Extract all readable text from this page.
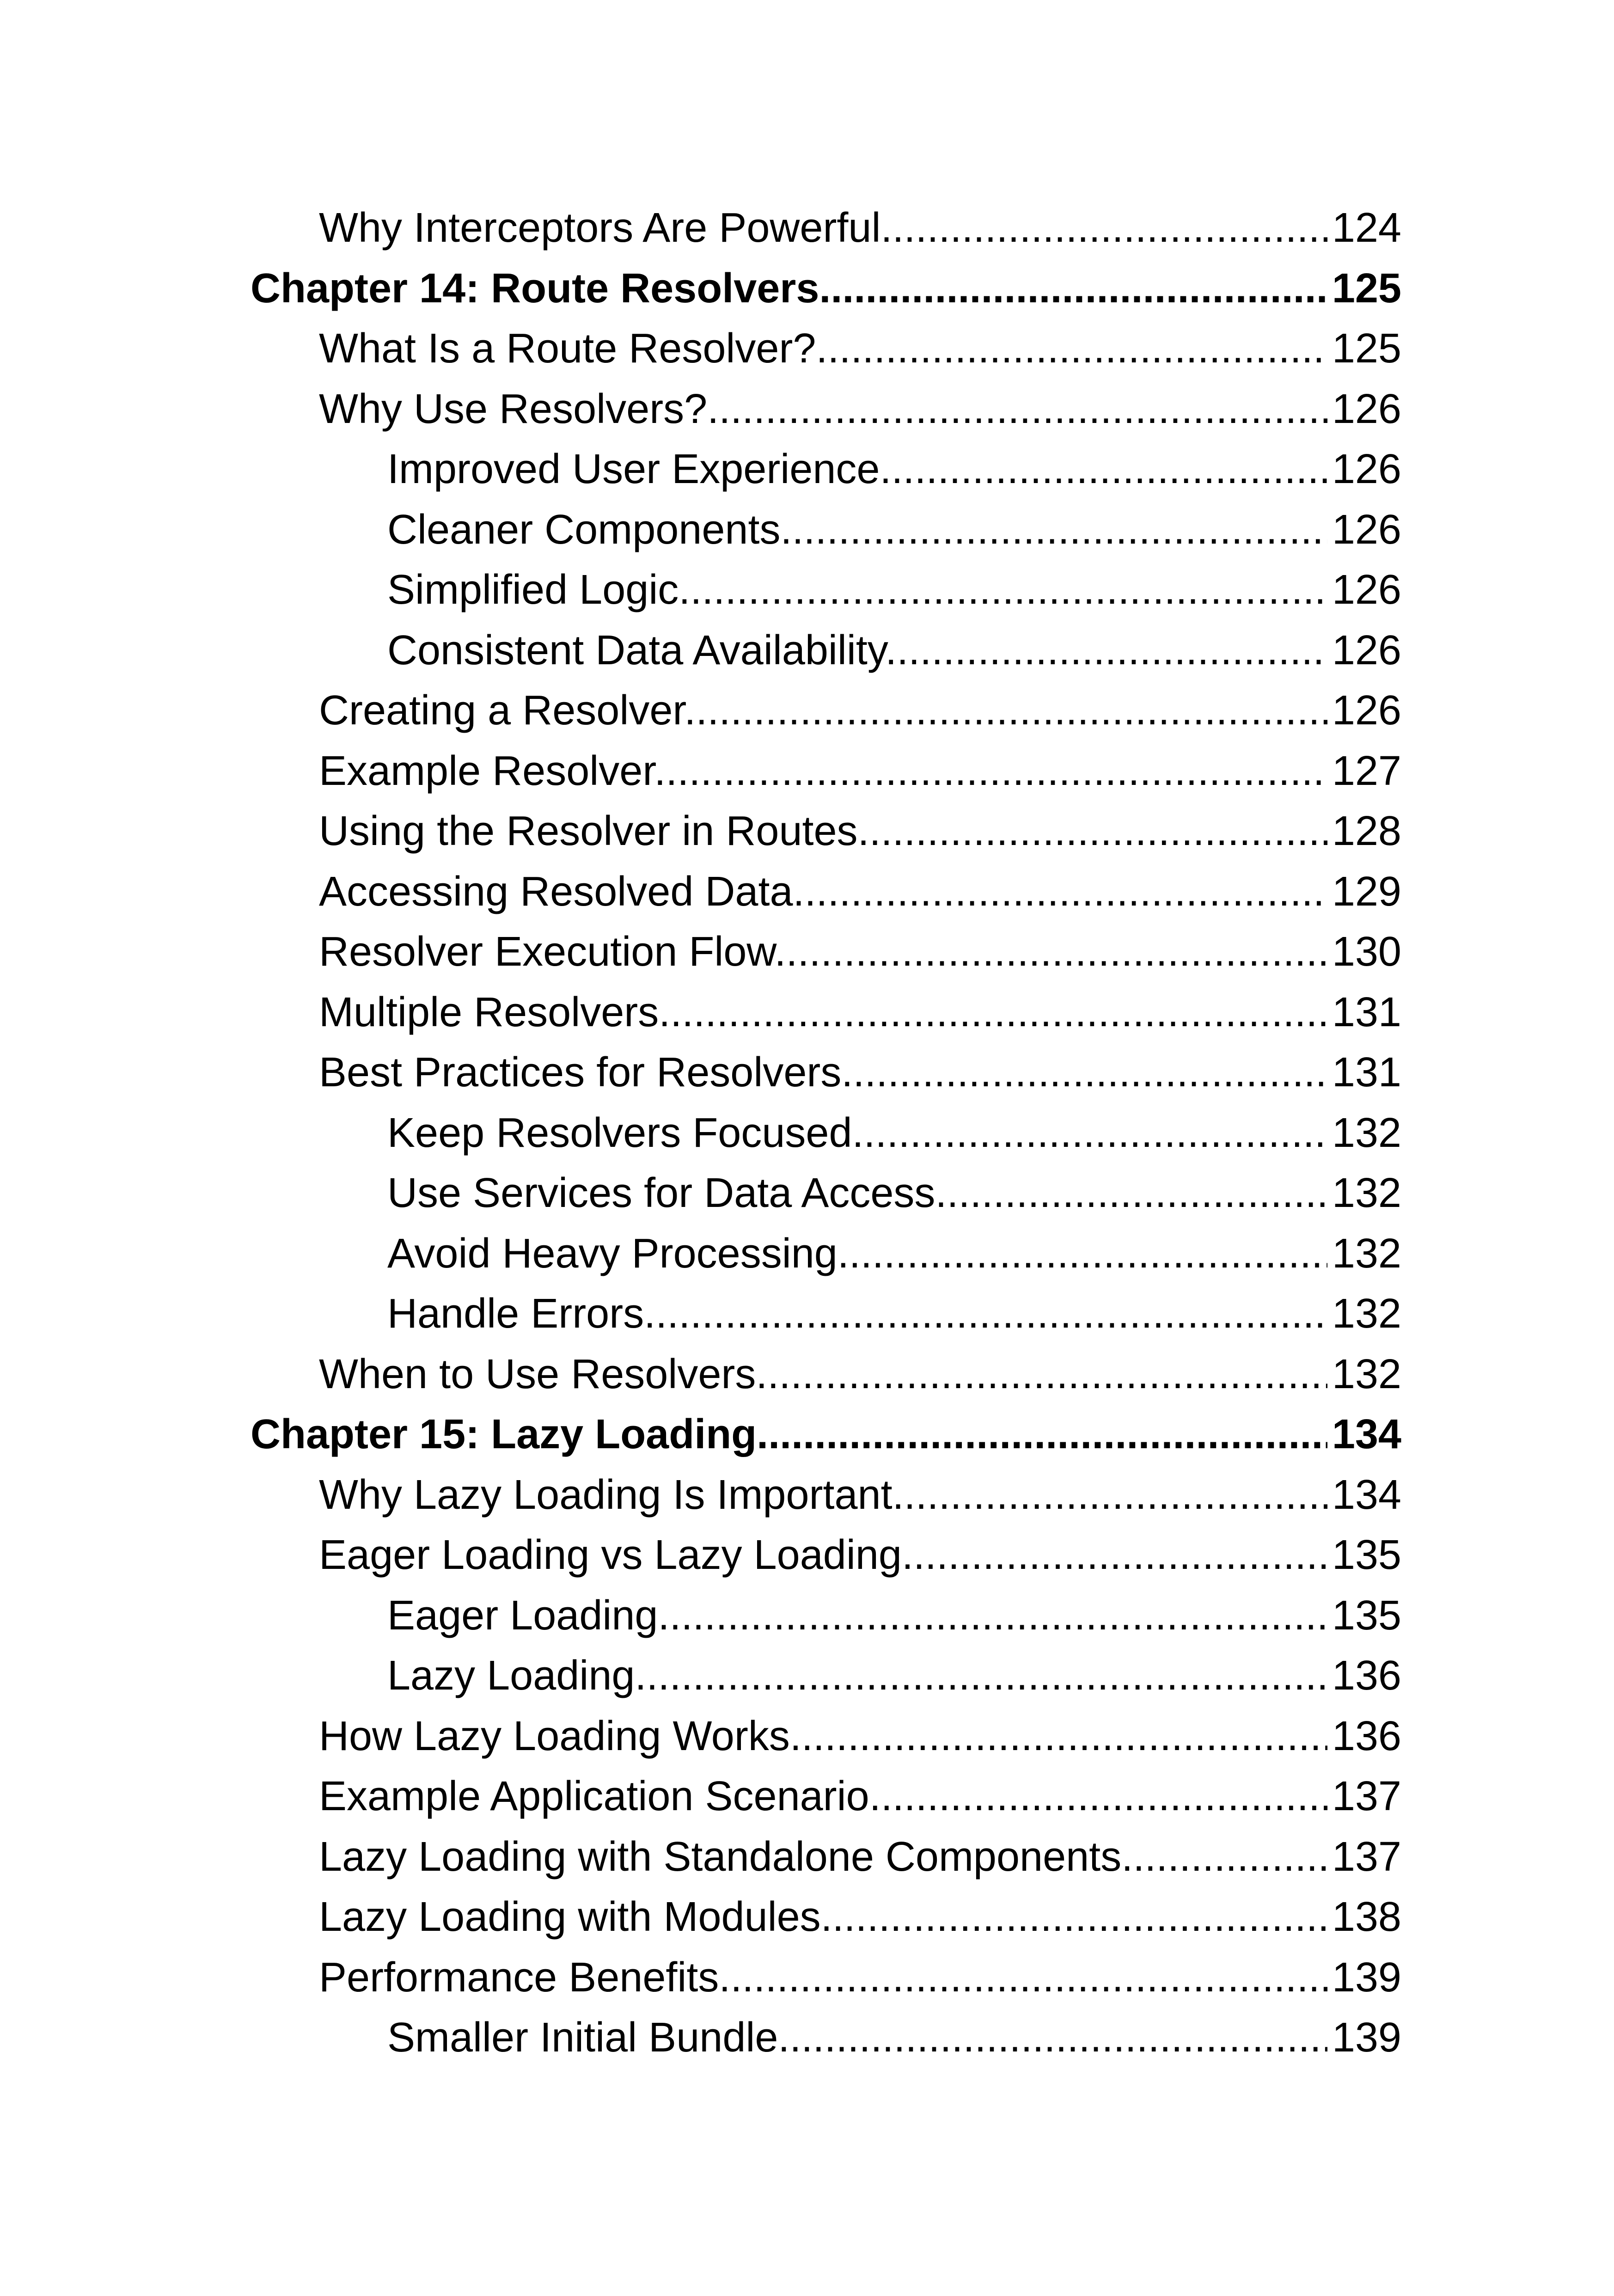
Why Interceptors Are Powerful .....	124
Chapter 14: Route Resolvers .....	125
What Is a Route Resolver? .....	125
Why Use Resolvers? .....	126
Improved User Experience .....	126
Cleaner Components .....	126
Simplified Logic .....	126
Consistent Data Availability .....	126
Creating a Resolver .....	126
Example Resolver .....	127
Using the Resolver in Routes .....	128
Accessing Resolved Data .....	129
Resolver Execution Flow .....	130
Multiple Resolvers .....	131
Best Practices for Resolvers .....	131
Keep Resolvers Focused .....	132
Use Services for Data Access .....	132
Avoid Heavy Processing .....	132
Handle Errors .....	132
When to Use Resolvers .....	132
Chapter 15: Lazy Loading .....	134
Why Lazy Loading Is Important .....	134
Eager Loading vs Lazy Loading .....	135
Eager Loading .....	135
Lazy Loading .....	136
How Lazy Loading Works .....	136
Example Application Scenario .....	137
Lazy Loading with Standalone Components .....	137
Lazy Loading with Modules .....	138
Performance Benefits .....	139
Smaller Initial Bundle .....	139
